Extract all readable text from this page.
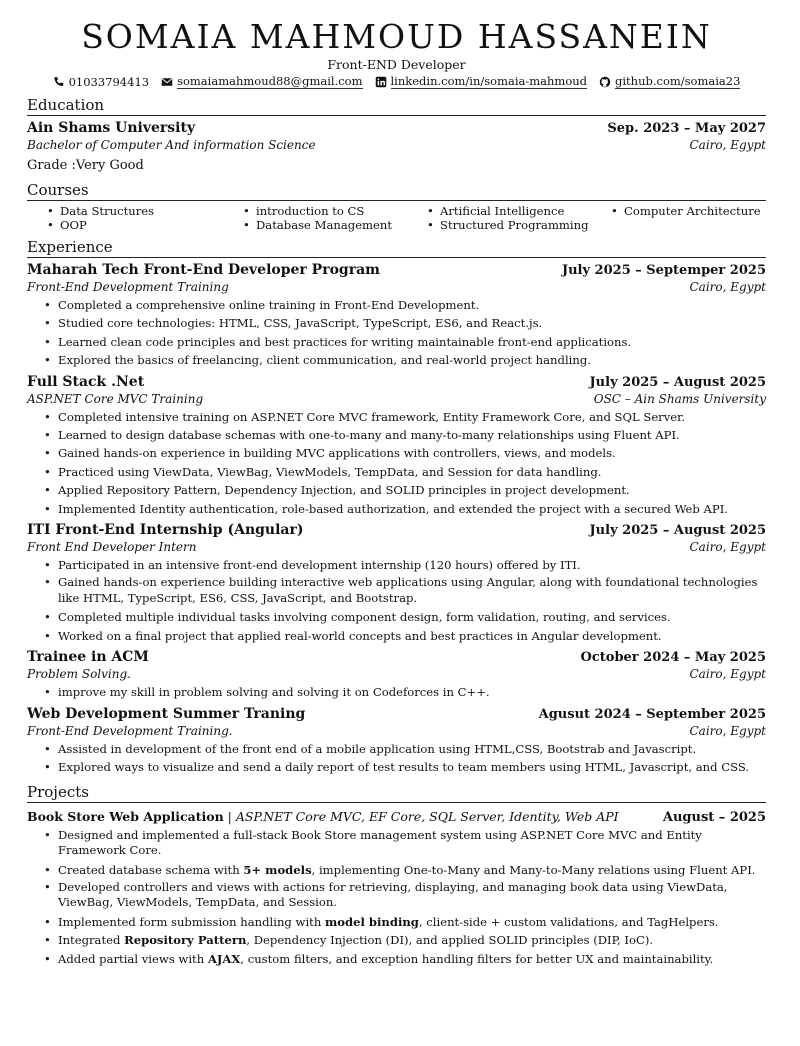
SOMAIA MAHMOUD HASSANEIN
Front-END Developer
01033794413 somaiamahmoud88@gmail.com linkedin.com/in/somaia-mahmoud github.com/somaia23
Education
Ain Shams University	Sep. 2023 – May 2027
Bachelor of Computer And information Science	Cairo, Egypt
Grade :Very Good
Courses
• Data Structures	• introduction to CS	• Artificial Intelligence	• Computer Architecture
• OOP	• Database Management	• Structured Programming
Experience
Maharah Tech Front-End Developer Program	July 2025 – Septemper 2025
Front-End Development Training	Cairo, Egypt
• Completed a comprehensive online training in Front-End Development.
• Studied core technologies: HTML, CSS, JavaScript, TypeScript, ES6, and React.js.
• Learned clean code principles and best practices for writing maintainable front-end applications.
• Explored the basics of freelancing, client communication, and real-world project handling.
Full Stack .Net	July 2025 – August 2025
ASP.NET Core MVC Training	OSC – Ain Shams University
• Completed intensive training on ASP.NET Core MVC framework, Entity Framework Core, and SQL Server.
• Learned to design database schemas with one-to-many and many-to-many relationships using Fluent API.
• Gained hands-on experience in building MVC applications with controllers, views, and models.
• Practiced using ViewData, ViewBag, ViewModels, TempData, and Session for data handling.
• Applied Repository Pattern, Dependency Injection, and SOLID principles in project development.
• Implemented Identity authentication, role-based authorization, and extended the project with a secured Web API.
ITI Front-End Internship (Angular)	July 2025 – August 2025
Front End Developer Intern	Cairo, Egypt
• Participated in an intensive front-end development internship (120 hours) offered by ITI.
• Gained hands-on experience building interactive web applications using Angular, along with foundational technologies like HTML, TypeScript, ES6, CSS, JavaScript, and Bootstrap.
• Completed multiple individual tasks involving component design, form validation, routing, and services.
• Worked on a final project that applied real-world concepts and best practices in Angular development.
Trainee in ACM	October 2024 – May 2025
Problem Solving.	Cairo, Egypt
• improve my skill in problem solving and solving it on Codeforces in C++.
Web Development Summer Traning	Agusut 2024 – September 2025
Front-End Development Training.	Cairo, Egypt
• Assisted in development of the front end of a mobile application using HTML,CSS, Bootstrab and Javascript.
• Explored ways to visualize and send a daily report of test results to team members using HTML, Javascript, and CSS.
Projects
Book Store Web Application | ASP.NET Core MVC, EF Core, SQL Server, Identity, Web API	August – 2025
• Designed and implemented a full-stack Book Store management system using ASP.NET Core MVC and Entity Framework Core.
• Created database schema with 5+ models, implementing One-to-Many and Many-to-Many relations using Fluent API.
• Developed controllers and views with actions for retrieving, displaying, and managing book data using ViewData, ViewBag, ViewModels, TempData, and Session.
• Implemented form submission handling with model binding, client-side + custom validations, and TagHelpers.
• Integrated Repository Pattern, Dependency Injection (DI), and applied SOLID principles (DIP, IoC).
• Added partial views with AJAX, custom filters, and exception handling filters for better UX and maintainability.
